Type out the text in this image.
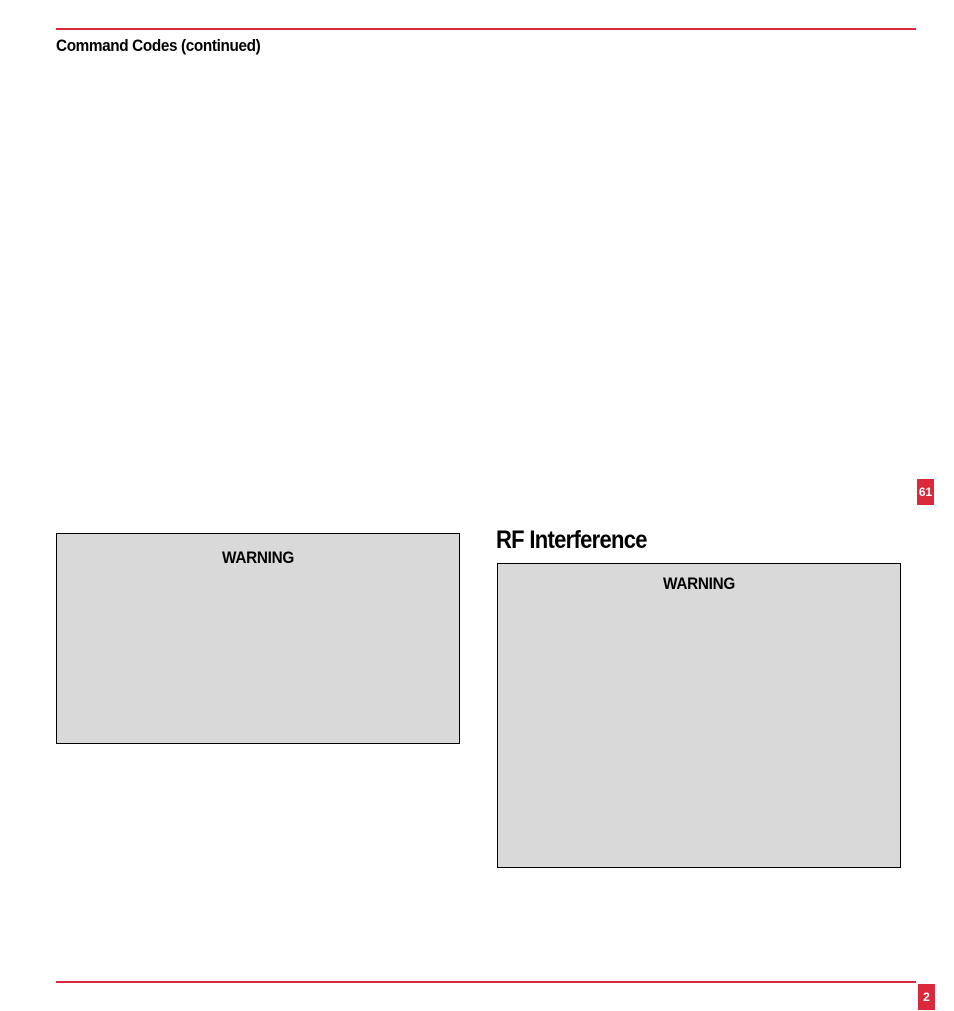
Command Codes (continued)
61
WARNING
RF Interference
WARNING
2
